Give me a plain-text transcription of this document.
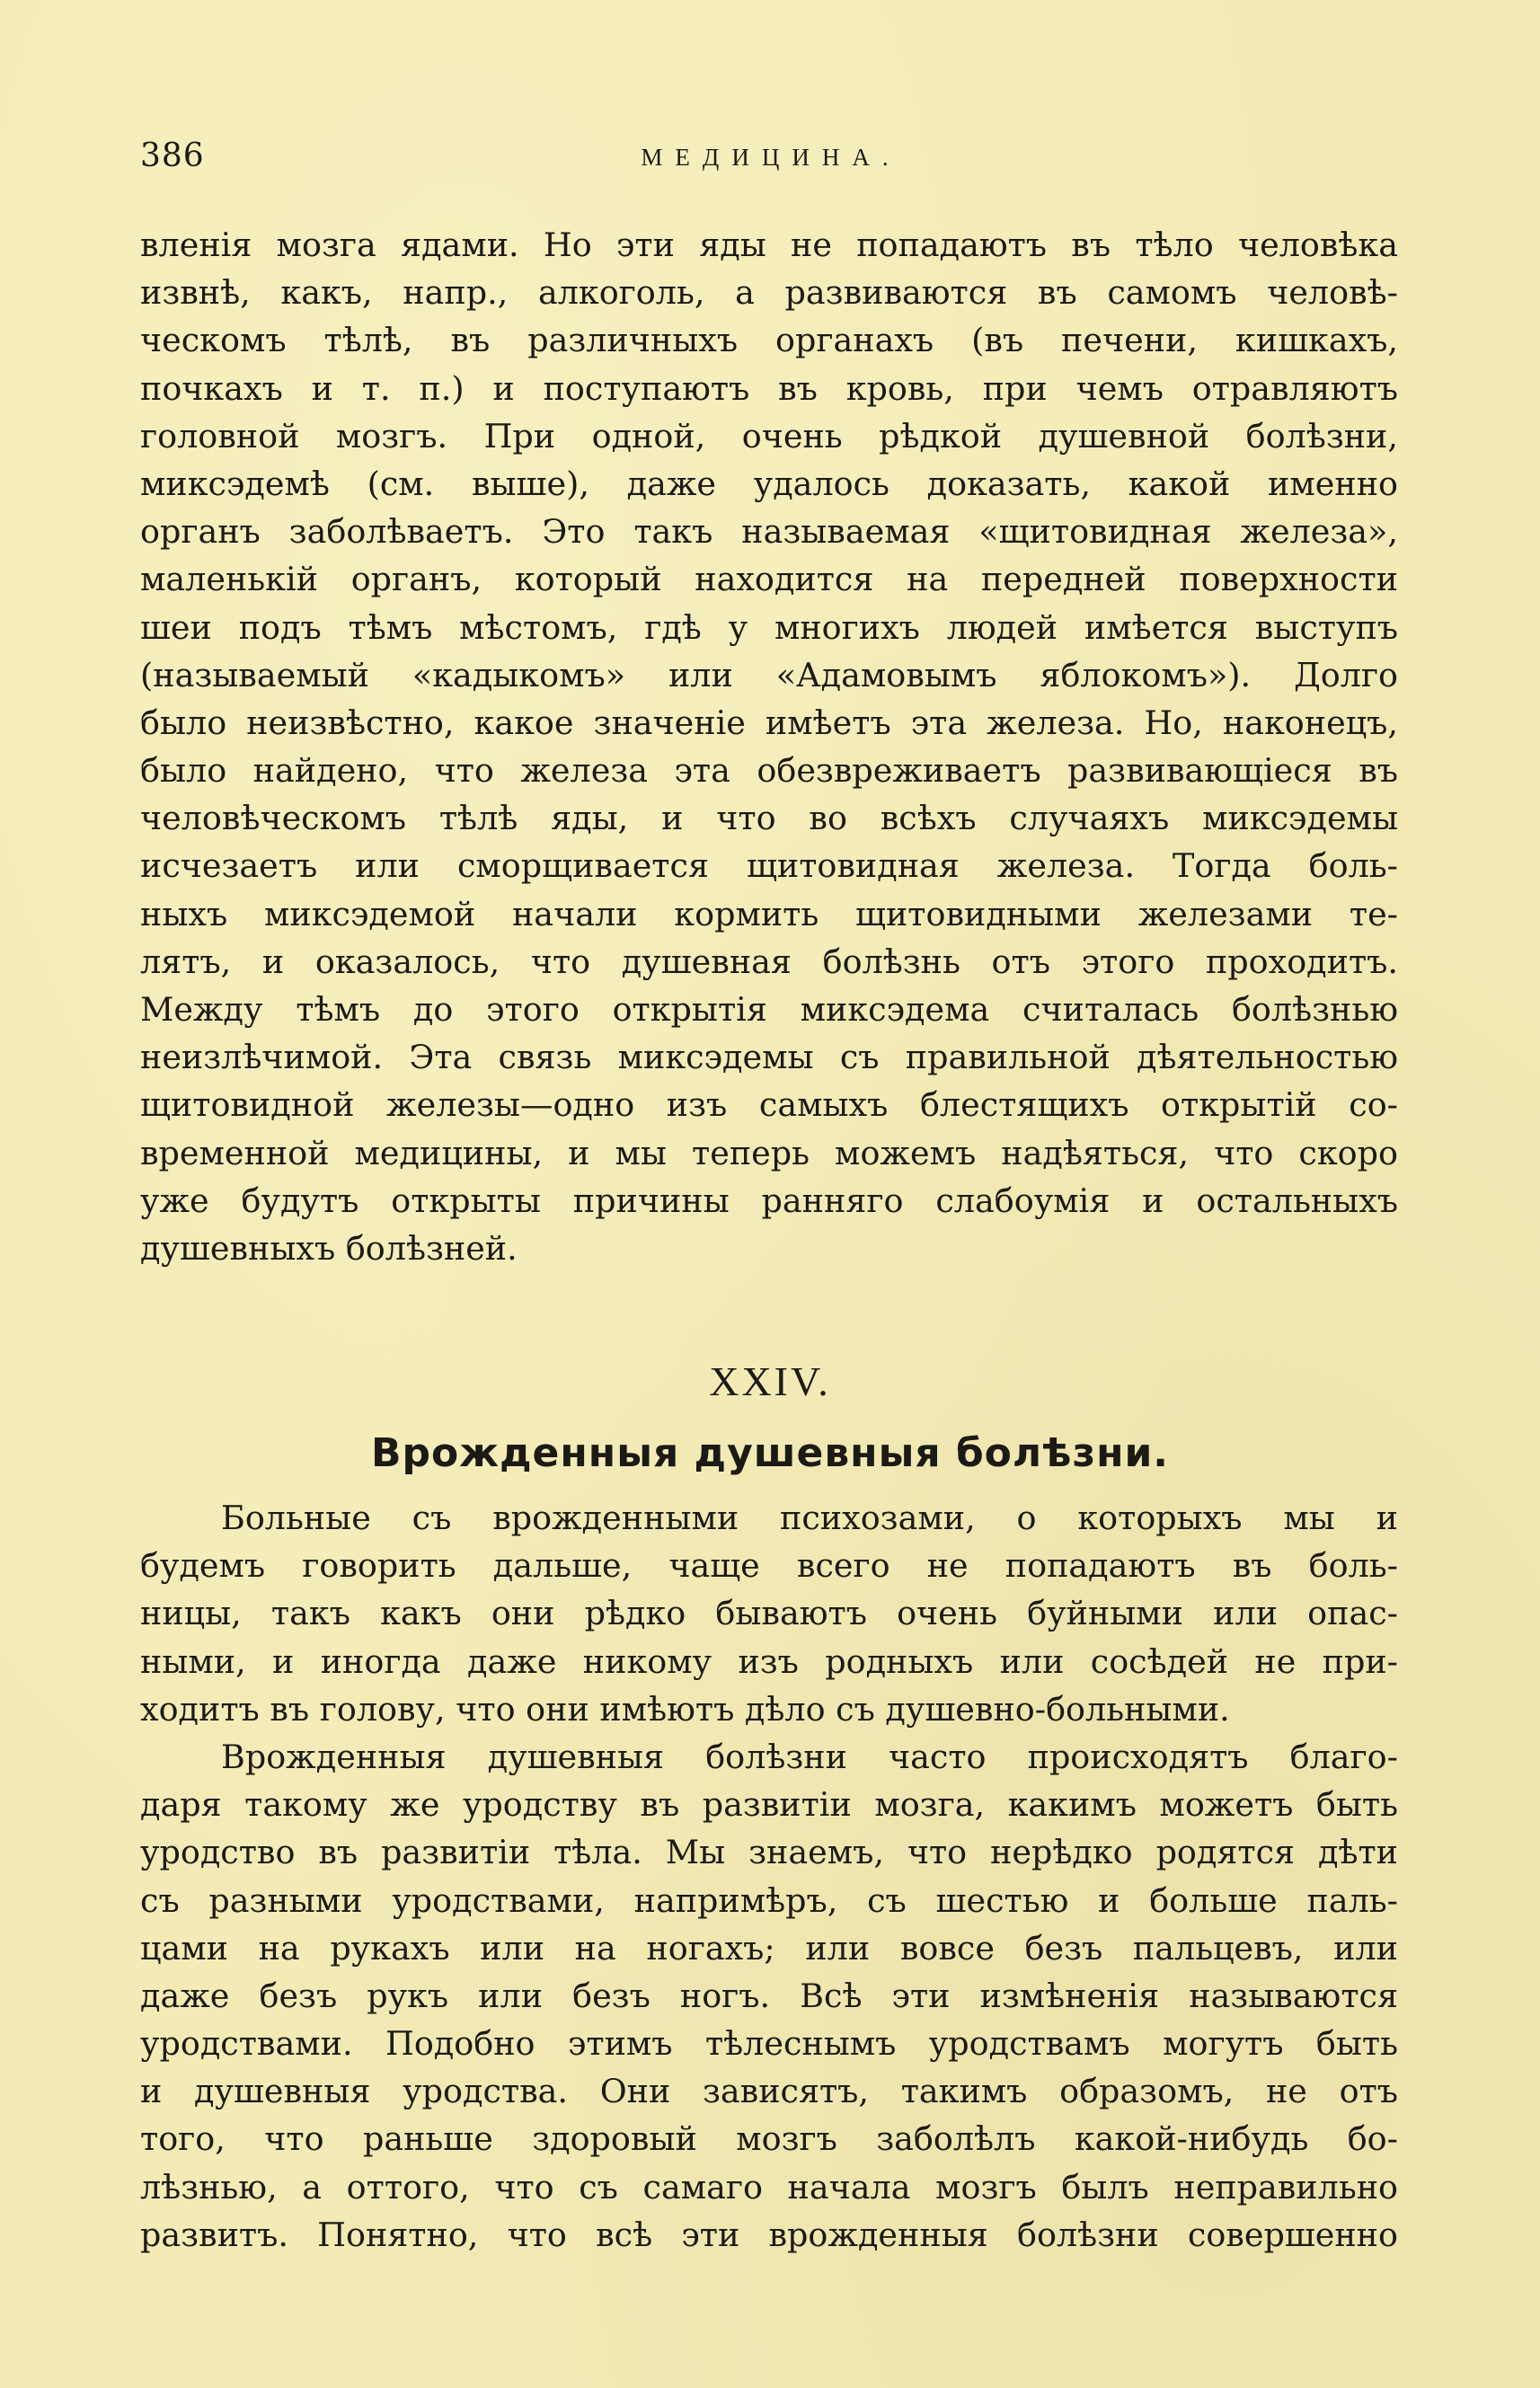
386	МЕДИЦИНА.
вленія мозга ядами. Но эти яды не попадаютъ въ тѣло человѣка
извнѣ, какъ, напр., алкоголь, а развиваются въ самомъ человѣ-
ческомъ тѣлѣ, въ различныхъ органахъ (въ печени, кишкахъ,
почкахъ и т. п.) и поступаютъ въ кровь, при чемъ отравляютъ
головной мозгъ. При одной, очень рѣдкой душевной болѣзни,
миксэдемѣ (см. выше), даже удалось доказать, какой именно
органъ заболѣваетъ. Это такъ называемая «щитовидная железа»,
маленькій органъ, который находится на передней поверхности
шеи подъ тѣмъ мѣстомъ, гдѣ у многихъ людей имѣется выступъ
(называемый «кадыкомъ» или «Адамовымъ яблокомъ»). Долго
было неизвѣстно, какое значеніе имѣетъ эта железа. Но, наконецъ,
было найдено, что железа эта обезвреживаетъ развивающіеся въ
человѣческомъ тѣлѣ яды, и что во всѣхъ случаяхъ миксэдемы
исчезаетъ или сморщивается щитовидная железа. Тогда боль-
ныхъ миксэдемой начали кормить щитовидными железами те-
лятъ, и оказалось, что душевная болѣзнь отъ этого проходитъ.
Между тѣмъ до этого открытія миксэдема считалась болѣзнью
неизлѣчимой. Эта связь миксэдемы съ правильной дѣятельностью
щитовидной железы—одно изъ самыхъ блестящихъ открытій со-
временной медицины, и мы теперь можемъ надѣяться, что скоро
уже будутъ открыты причины ранняго слабоумія и остальныхъ
душевныхъ болѣзней.
XXIV.
Врожденныя душевныя болѣзни.
Больные съ врожденными психозами, о которыхъ мы и
будемъ говорить дальше, чаще всего не попадаютъ въ боль-
ницы, такъ какъ они рѣдко бываютъ очень буйными или опас-
ными, и иногда даже никому изъ родныхъ или сосѣдей не при-
ходитъ въ голову, что они имѣютъ дѣло съ душевно-больными.
Врожденныя душевныя болѣзни часто происходятъ благо-
даря такому же уродству въ развитіи мозга, какимъ можетъ быть
уродство въ развитіи тѣла. Мы знаемъ, что нерѣдко родятся дѣти
съ разными уродствами, напримѣръ, съ шестью и больше паль-
цами на рукахъ или на ногахъ; или вовсе безъ пальцевъ, или
даже безъ рукъ или безъ ногъ. Всѣ эти измѣненія называются
уродствами. Подобно этимъ тѣлеснымъ уродствамъ могутъ быть
и душевныя уродства. Они зависятъ, такимъ образомъ, не отъ
того, что раньше здоровый мозгъ заболѣлъ какой-нибудь бо-
лѣзнью, а оттого, что съ самаго начала мозгъ былъ неправильно
развитъ. Понятно, что всѣ эти врожденныя болѣзни совершенно
